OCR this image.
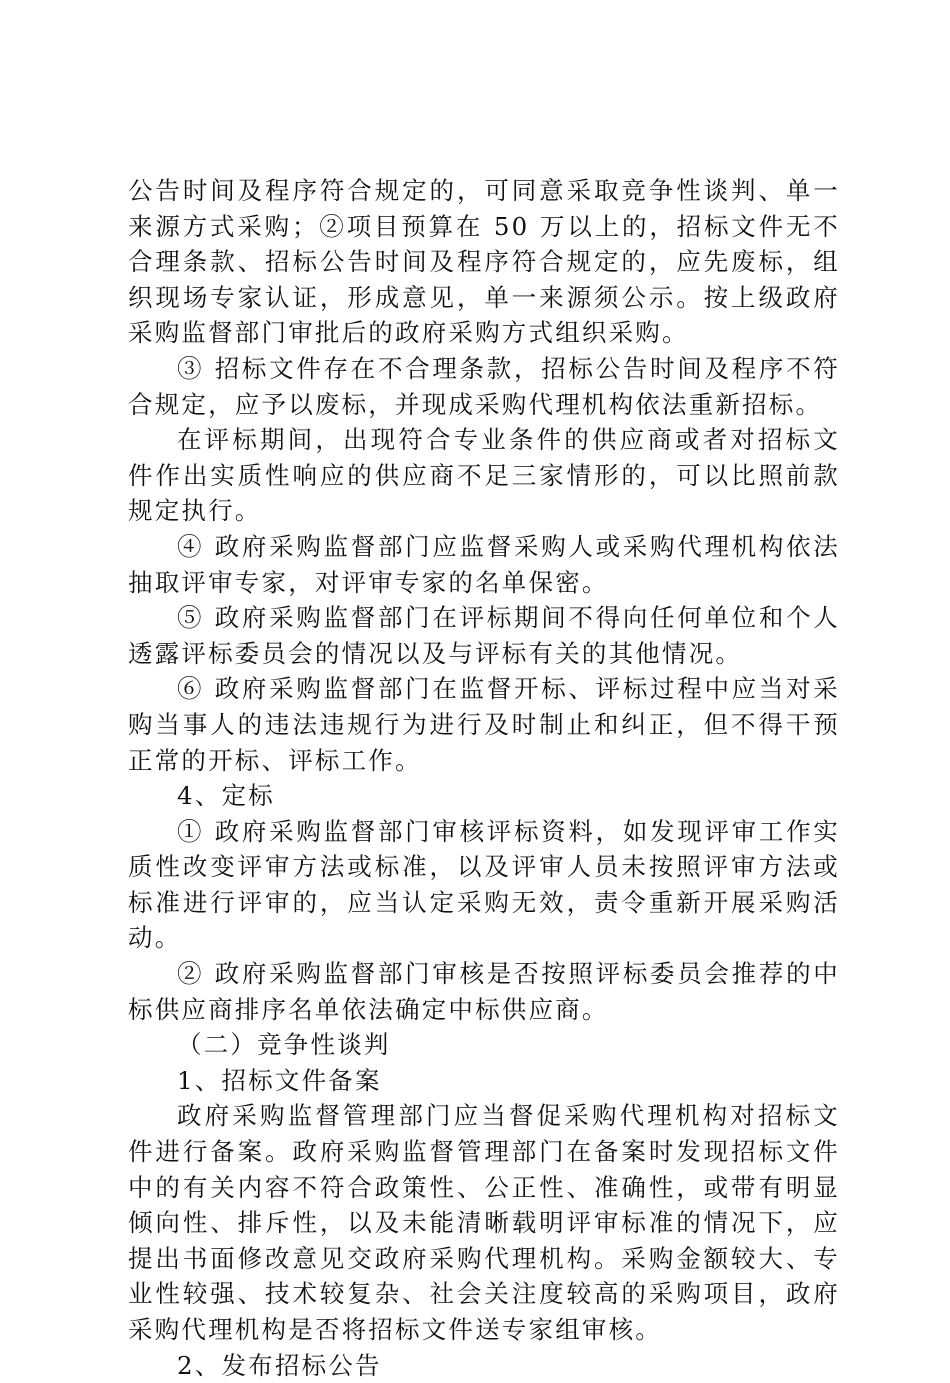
公告时间及程序符合规定的，可同意采取竞争性谈判、单一来源方式采购；②项目预算在 50 万以上的，招标文件无不合理条款、招标公告时间及程序符合规定的，应先废标，组织现场专家认证，形成意见，单一来源须公示。按上级政府采购监督部门审批后的政府采购方式组织采购。

③ 招标文件存在不合理条款，招标公告时间及程序不符合规定，应予以废标，并现成采购代理机构依法重新招标。

在评标期间，出现符合专业条件的供应商或者对招标文件作出实质性响应的供应商不足三家情形的，可以比照前款规定执行。

④ 政府采购监督部门应监督采购人或采购代理机构依法抽取评审专家，对评审专家的名单保密。

⑤ 政府采购监督部门在评标期间不得向任何单位和个人透露评标委员会的情况以及与评标有关的其他情况。

⑥ 政府采购监督部门在监督开标、评标过程中应当对采购当事人的违法违规行为进行及时制止和纠正，但不得干预正常的开标、评标工作。

4、定标

① 政府采购监督部门审核评标资料，如发现评审工作实质性改变评审方法或标准，以及评审人员未按照评审方法或标准进行评审的，应当认定采购无效，责令重新开展采购活动。

② 政府采购监督部门审核是否按照评标委员会推荐的中标供应商排序名单依法确定中标供应商。

（二）竞争性谈判

1、招标文件备案

政府采购监督管理部门应当督促采购代理机构对招标文件进行备案。政府采购监督管理部门在备案时发现招标文件中的有关内容不符合政策性、公正性、准确性，或带有明显倾向性、排斥性，以及未能清晰载明评审标准的情况下，应提出书面修改意见交政府采购代理机构。采购金额较大、专业性较强、技术较复杂、社会关注度较高的采购项目，政府采购代理机构是否将招标文件送专家组审核。

2、发布招标公告
